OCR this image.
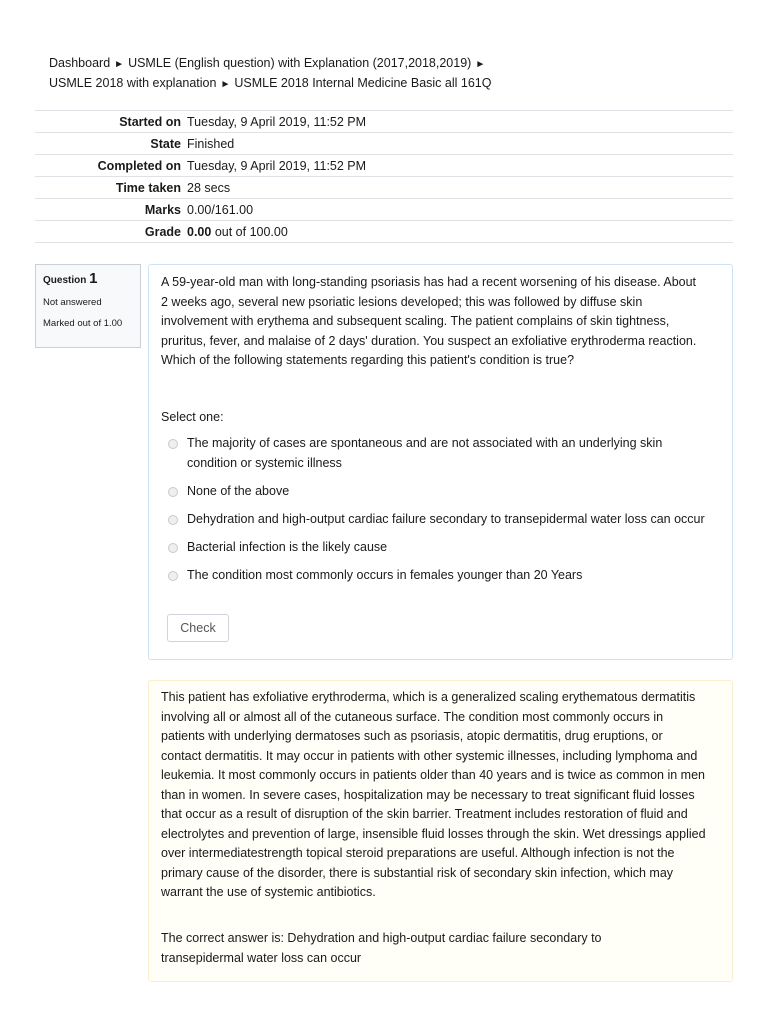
Dashboard ► USMLE (English question) with Explanation (2017,2018,2019) ►
USMLE 2018 with explanation ► USMLE 2018 Internal Medicine Basic all 161Q
Started on	Tuesday, 9 April 2019, 11:52 PM
State	Finished
Completed on	Tuesday, 9 April 2019, 11:52 PM
Time taken	28 secs
Marks	0.00/161.00
Grade	0.00 out of 100.00
Question 1
Not answered
Marked out of 1.00
A 59-year-old man with long-standing psoriasis has had a recent worsening of his disease. About 2 weeks ago, several new psoriatic lesions developed; this was followed by diffuse skin involvement with erythema and subsequent scaling. The patient complains of skin tightness, pruritus, fever, and malaise of 2 days' duration. You suspect an exfoliative erythroderma reaction. Which of the following statements regarding this patient's condition is true?
Select one:
The majority of cases are spontaneous and are not associated with an underlying skin condition or systemic illness
None of the above
Dehydration and high-output cardiac failure secondary to transepidermal water loss can occur
Bacterial infection is the likely cause
The condition most commonly occurs in females younger than 20 Years
Check
This patient has exfoliative erythroderma, which is a generalized scaling erythematous dermatitis involving all or almost all of the cutaneous surface. The condition most commonly occurs in patients with underlying dermatoses such as psoriasis, atopic dermatitis, drug eruptions, or contact dermatitis. It may occur in patients with other systemic illnesses, including lymphoma and leukemia. It most commonly occurs in patients older than 40 years and is twice as common in men than in women. In severe cases, hospitalization may be necessary to treat significant fluid losses that occur as a result of disruption of the skin barrier. Treatment includes restoration of fluid and electrolytes and prevention of large, insensible fluid losses through the skin. Wet dressings applied over intermediatestrength topical steroid preparations are useful. Although infection is not the primary cause of the disorder, there is substantial risk of secondary skin infection, which may warrant the use of systemic antibiotics.
The correct answer is: Dehydration and high-output cardiac failure secondary to transepidermal water loss can occur
